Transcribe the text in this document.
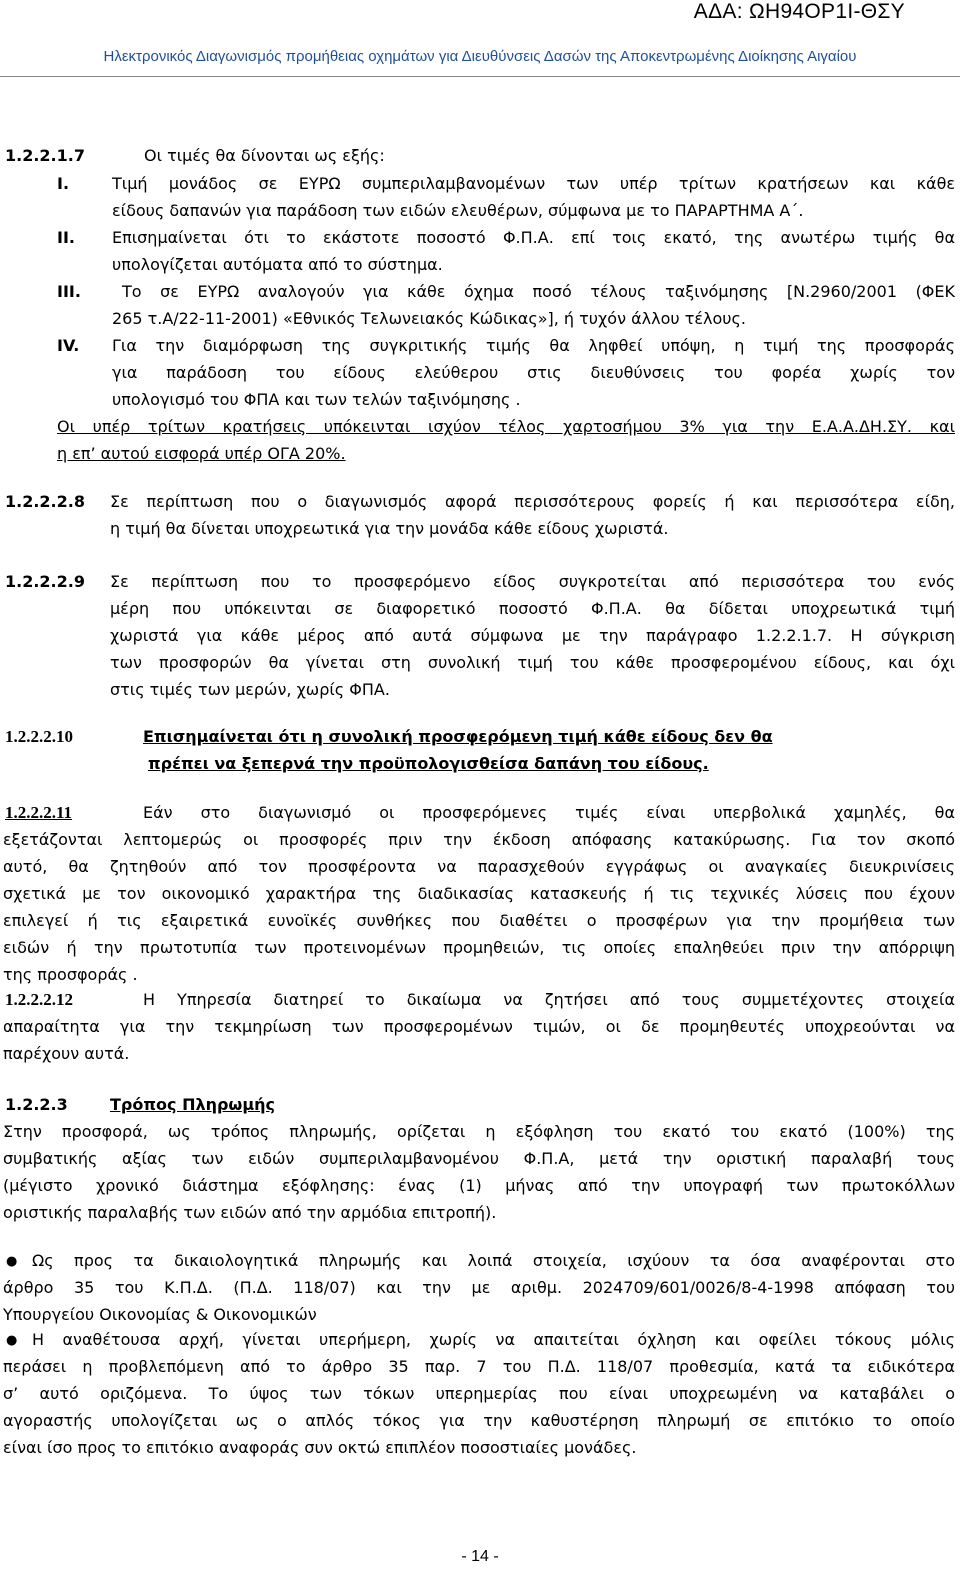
ΑΔΑ: ΩΗ94ΟΡ1Ι-ΘΣΥ
Ηλεκτρονικός Διαγωνισμός προμήθειας οχημάτων για Διευθύνσεις Δασών της Αποκεντρωμένης Διοίκησης Αιγαίου
1.2.2.1.7	Οι τιμές θα δίνονται ως εξής:
I.	Τιμή μονάδος σε ΕΥΡΩ συμπεριλαμβανομένων των υπέρ τρίτων κρατήσεων και κάθε
είδους δαπανών για παράδοση των ειδών ελευθέρων, σύμφωνα με το ΠΑΡΑΡΤΗΜΑ Α΄.
II. Επισημαίνεται ότι το εκάστοτε ποσοστό Φ.Π.Α. επί τοις εκατό, της ανωτέρω τιμής θα
υπολογίζεται αυτόματα από το σύστημα.
III.	Το σε ΕΥΡΩ αναλογούν για κάθε όχημα ποσό τέλους ταξινόμησης [Ν.2960/2001 (ΦΕΚ
265 τ.Α/22-11-2001) «Εθνικός Τελωνειακός Κώδικας»], ή τυχόν άλλου τέλους.
IV. Για την διαμόρφωση της συγκριτικής τιμής θα ληφθεί υπόψη, η τιμή της προσφοράς
για παράδοση του είδους ελεύθερου στις διευθύνσεις του φορέα χωρίς τον
υπολογισμό του ΦΠΑ και των τελών ταξινόμησης .
Οι υπέρ τρίτων κρατήσεις υπόκεινται ισχύον τέλος χαρτοσήμου 3% για την Ε.Α.Α.ΔΗ.ΣΥ. και
η επ’ αυτού εισφορά υπέρ ΟΓΑ 20%.
1.2.2.2.8 Σε περίπτωση που ο διαγωνισμός αφορά περισσότερους φορείς ή και περισσότερα είδη,
η τιμή θα δίνεται υποχρεωτικά για την μονάδα κάθε είδους χωριστά.
1.2.2.2.9 Σε περίπτωση που το προσφερόμενο είδος συγκροτείται από περισσότερα του ενός
μέρη που υπόκεινται σε διαφορετικό ποσοστό Φ.Π.Α. θα δίδεται υποχρεωτικά τιμή
χωριστά για κάθε μέρος από αυτά σύμφωνα με την παράγραφο 1.2.2.1.7. Η σύγκριση
των προσφορών θα γίνεται στη συνολική τιμή του κάθε προσφερομένου είδους, και όχι
στις τιμές των μερών, χωρίς ΦΠΑ.
1.2.2.2.10	Επισημαίνεται ότι η συνολική προσφερόμενη τιμή κάθε είδους δεν θα
πρέπει να ξεπερνά την προϋπολογισθείσα δαπάνη του είδους.
1.2.2.2.11	Εάν στο διαγωνισμό οι προσφερόμενες τιμές είναι υπερβολικά χαμηλές, θα
εξετάζονται λεπτομερώς οι προσφορές πριν την έκδοση απόφασης κατακύρωσης. Για τον σκοπό
αυτό, θα ζητηθούν από τον προσφέροντα να παρασχεθούν εγγράφως οι αναγκαίες διευκρινίσεις
σχετικά με τον οικονομικό χαρακτήρα της διαδικασίας κατασκευής ή τις τεχνικές λύσεις που έχουν
επιλεγεί ή τις εξαιρετικά ευνοϊκές συνθήκες που διαθέτει ο προσφέρων για την προμήθεια των
ειδών ή την πρωτοτυπία των προτεινομένων προμηθειών, τις οποίες επαληθεύει πριν την απόρριψη
της προσφοράς .
1.2.2.2.12	Η Υπηρεσία διατηρεί το δικαίωμα να ζητήσει από τους συμμετέχοντες στοιχεία
απαραίτητα για την τεκμηρίωση των προσφερομένων τιμών, οι δε προμηθευτές υποχρεούνται να
παρέχουν αυτά.
1.2.2.3	Τρόπος Πληρωμής
Στην προσφορά, ως τρόπος πληρωμής, ορίζεται η εξόφληση του εκατό του εκατό (100%) της
συμβατικής αξίας των ειδών συμπεριλαμβανομένου Φ.Π.Α, μετά την οριστική παραλαβή τους
(μέγιστο χρονικό διάστημα εξόφλησης: ένας (1) μήνας από την υπογραφή των πρωτοκόλλων
οριστικής παραλαβής των ειδών από την αρμόδια επιτροπή).
● Ως προς τα δικαιολογητικά πληρωμής και λοιπά στοιχεία, ισχύουν τα όσα αναφέρονται στο
άρθρο 35 του Κ.Π.Δ. (Π.Δ. 118/07) και την με αριθμ. 2024709/601/0026/8-4-1998 απόφαση του
Υπουργείου Οικονομίας & Οικονομικών
● Η αναθέτουσα αρχή, γίνεται υπερήμερη, χωρίς να απαιτείται όχληση και οφείλει τόκους μόλις
περάσει η προβλεπόμενη από το άρθρο 35 παρ. 7 του Π.Δ. 118/07 προθεσμία, κατά τα ειδικότερα
σ’ αυτό οριζόμενα. Το ύψος των τόκων υπερημερίας που είναι υποχρεωμένη να καταβάλει ο
αγοραστής υπολογίζεται ως ο απλός τόκος για την καθυστέρηση πληρωμή σε επιτόκιο το οποίο
είναι ίσο προς το επιτόκιο αναφοράς συν οκτώ επιπλέον ποσοστιαίες μονάδες.
- 14 -
